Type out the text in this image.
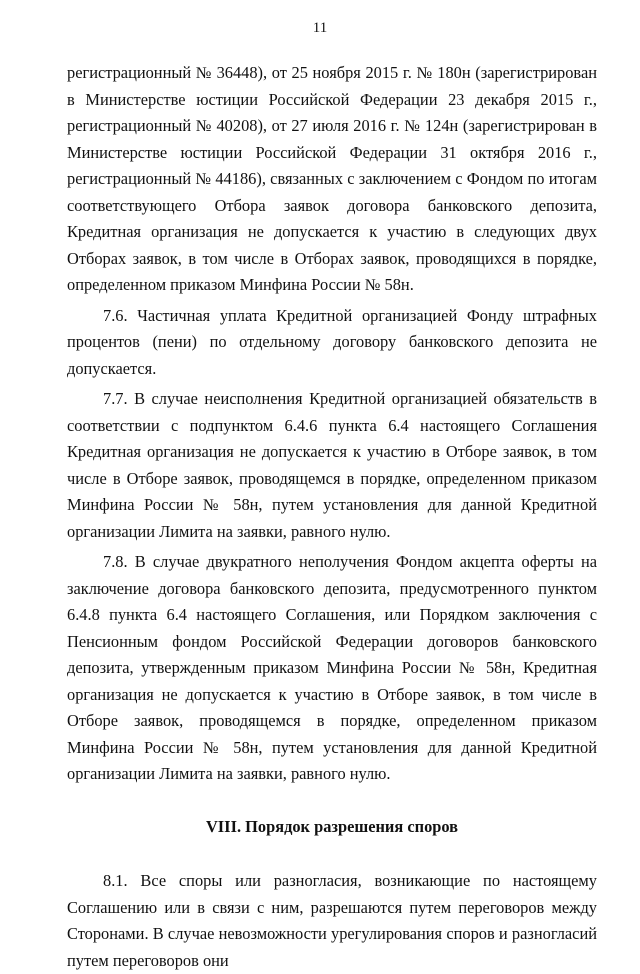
11

регистрационный № 36448), от 25 ноября 2015 г. № 180н (зарегистрирован в Министерстве юстиции Российской Федерации 23 декабря 2015 г., регистрационный № 40208), от 27 июля 2016 г. № 124н (зарегистрирован в Министерстве юстиции Российской Федерации 31 октября 2016 г., регистрационный № 44186), связанных с заключением с Фондом по итогам соответствующего Отбора заявок договора банковского депозита, Кредитная организация не допускается к участию в следующих двух Отборах заявок, в том числе в Отборах заявок, проводящихся в порядке, определенном приказом Минфина России № 58н.

7.6. Частичная уплата Кредитной организацией Фонду штрафных процентов (пени) по отдельному договору банковского депозита не допускается.

7.7. В случае неисполнения Кредитной организацией обязательств в соответствии с подпунктом 6.4.6 пункта 6.4 настоящего Соглашения Кредитная организация не допускается к участию в Отборе заявок, в том числе в Отборе заявок, проводящемся в порядке, определенном приказом Минфина России № 58н, путем установления для данной Кредитной организации Лимита на заявки, равного нулю.

7.8. В случае двукратного неполучения Фондом акцепта оферты на заключение договора банковского депозита, предусмотренного пунктом 6.4.8 пункта 6.4 настоящего Соглашения, или Порядком заключения с Пенсионным фондом Российской Федерации договоров банковского депозита, утвержденным приказом Минфина России № 58н, Кредитная организация не допускается к участию в Отборе заявок, в том числе в Отборе заявок, проводящемся в порядке, определенном приказом Минфина России № 58н, путем установления для данной Кредитной организации Лимита на заявки, равного нулю.

VIII. Порядок разрешения споров

8.1. Все споры или разногласия, возникающие по настоящему Соглашению или в связи с ним, разрешаются путем переговоров между Сторонами. В случае невозможности урегулирования споров и разногласий путем переговоров они
